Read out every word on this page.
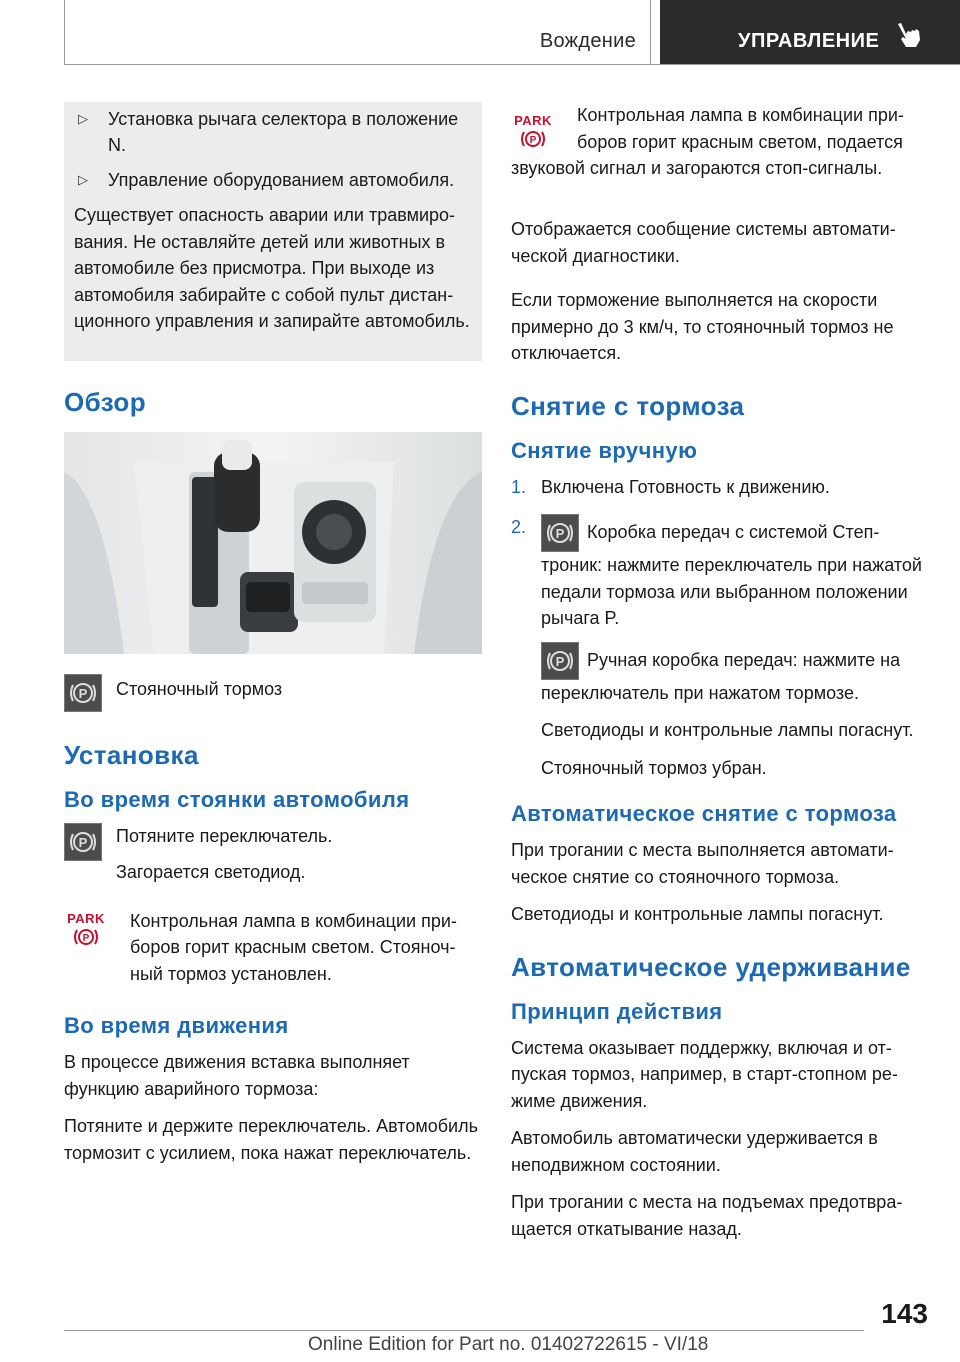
Вождение	УПРАВЛЕНИЕ
▷	Установка рычага селектора в положение N.
▷	Управление оборудованием автомобиля.

Существует опасность аварии или травмирования. Не оставляйте детей или животных в автомобиле без присмотра. При выходе из автомобиля забирайте с собой пульт дистанционного управления и запирайте автомобиль.

Обзор
P Стояночный тормоз
Установка
Во время стоянки автомобиля
P Потяните переключатель.
Загорается светодиод.
PARK
P
Контрольная лампа в комбинации приборов горит красным светом. Стояночный тормоз установлен.
Во время движения

В процессе движения вставка выполняет функцию аварийного тормоза:

Потяните и держите переключатель. Автомобиль тормозит с усилием, пока нажат переключатель.

PARK
P

Контрольная лампа в комбинации приборов горит красным светом, подается звуковой сигнал и загораются стоп-сигналы.

Отображается сообщение системы автоматической диагностики.

Если торможение выполняется на скорости примерно до 3 км/ч, то стояночный тормоз не отключается.

Снятие с тормоза
Снятие вручную
1. Включена Готовность к движению.
2.	P Коробка передач с системой Стептроник: нажмите переключатель при нажатой педали тормоза или выбранном положении рычага P.

P Ручная коробка передач: нажмите на переключатель при нажатом тормозе.

Светодиоды и контрольные лампы погаснут.

Стояночный тормоз убран.

Автоматическое снятие с тормоза

При трогании с места выполняется автоматическое снятие со стояночного тормоза.

Светодиоды и контрольные лампы погаснут.

Автоматическое удерживание
Принцип действия

Система оказывает поддержку, включая и отпуская тормоз, например, в старт-стопном режиме движения.

Автомобиль автоматически удерживается в неподвижном состоянии.

При трогании с места на подъемах предотвращается откатывание назад.

143
Online Edition for Part no. 01402722615 - VI/18
